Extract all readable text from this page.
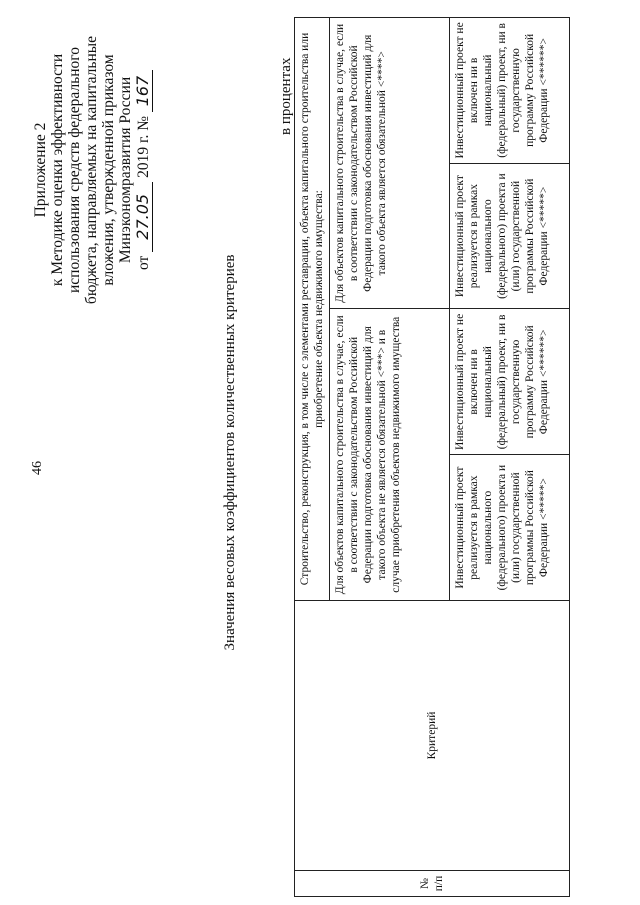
46
Приложение 2 к Методике оценки эффективности использования средств федерального бюджета, направляемых на капитальные вложения, утвержденной приказом Минэкономразвития России от 27.05 2019 г. № 167
Значения весовых коэффициентов количественных критериев
в процентах
№ п/п	Критерий	Строительство, реконструкция, в том числе с элементами реставрации, объекта капитального строительства или приобретение объекта недвижимого имущества:			
		Для объектов капитального строительства в случае, если в соответствии с законодательством Российской Федерации подготовка обоснования инвестиций для такого объекта не является обязательной <***> и в случае приобретения объектов недвижимого имущества		Для объектов капитального строительства в случае, если в соответствии с законодательством Российской Федерации подготовка обоснования инвестиций для такого объекта является обязательной <****>	
		Инвестиционный проект реализуется в рамках национального (федерального) проекта и (или) государственной программы Российской Федерации <*****>	Инвестиционный проект не включен ни в национальный (федеральный) проект, ни в государственную программу Российской Федерации <******>	Инвестиционный проект реализуется в рамках национального (федерального) проекта и (или) государственной программы Российской Федерации <*****>	Инвестиционный проект не включен ни в национальный (федеральный) проект, ни в государственную программу Российской Федерации <******>
